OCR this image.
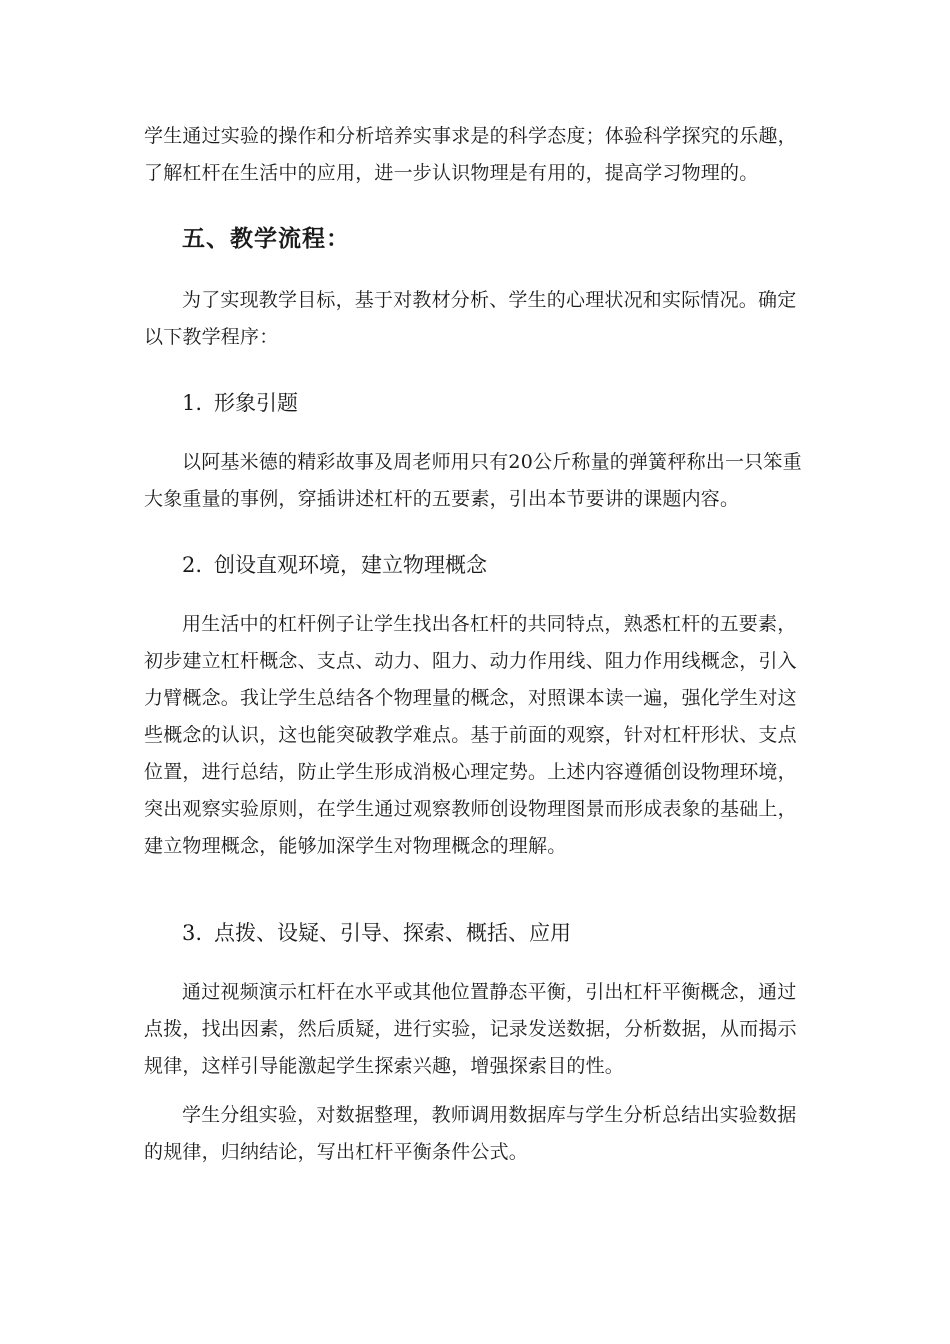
学生通过实验的操作和分析培养实事求是的科学态度；体验科学探究的乐趣，
了解杠杆在生活中的应用，进一步认识物理是有用的，提高学习物理的。
五、教学流程：
为了实现教学目标，基于对教材分析、学生的心理状况和实际情况。确定
以下教学程序：
1. 形象引题
以阿基米德的精彩故事及周老师用只有20公斤称量的弹簧秤称出一只笨重
大象重量的事例，穿插讲述杠杆的五要素，引出本节要讲的课题内容。
2. 创设直观环境，建立物理概念
用生活中的杠杆例子让学生找出各杠杆的共同特点，熟悉杠杆的五要素，
初步建立杠杆概念、支点、动力、阻力、动力作用线、阻力作用线概念，引入
力臂概念。我让学生总结各个物理量的概念，对照课本读一遍，强化学生对这
些概念的认识，这也能突破教学难点。基于前面的观察，针对杠杆形状、支点
位置，进行总结，防止学生形成消极心理定势。上述内容遵循创设物理环境，
突出观察实验原则，在学生通过观察教师创设物理图景而形成表象的基础上，
建立物理概念，能够加深学生对物理概念的理解。
3. 点拨、设疑、引导、探索、概括、应用
通过视频演示杠杆在水平或其他位置静态平衡，引出杠杆平衡概念，通过
点拨，找出因素，然后质疑，进行实验，记录发送数据，分析数据，从而揭示
规律，这样引导能激起学生探索兴趣，增强探索目的性。
学生分组实验，对数据整理，教师调用数据库与学生分析总结出实验数据
的规律，归纳结论，写出杠杆平衡条件公式。
